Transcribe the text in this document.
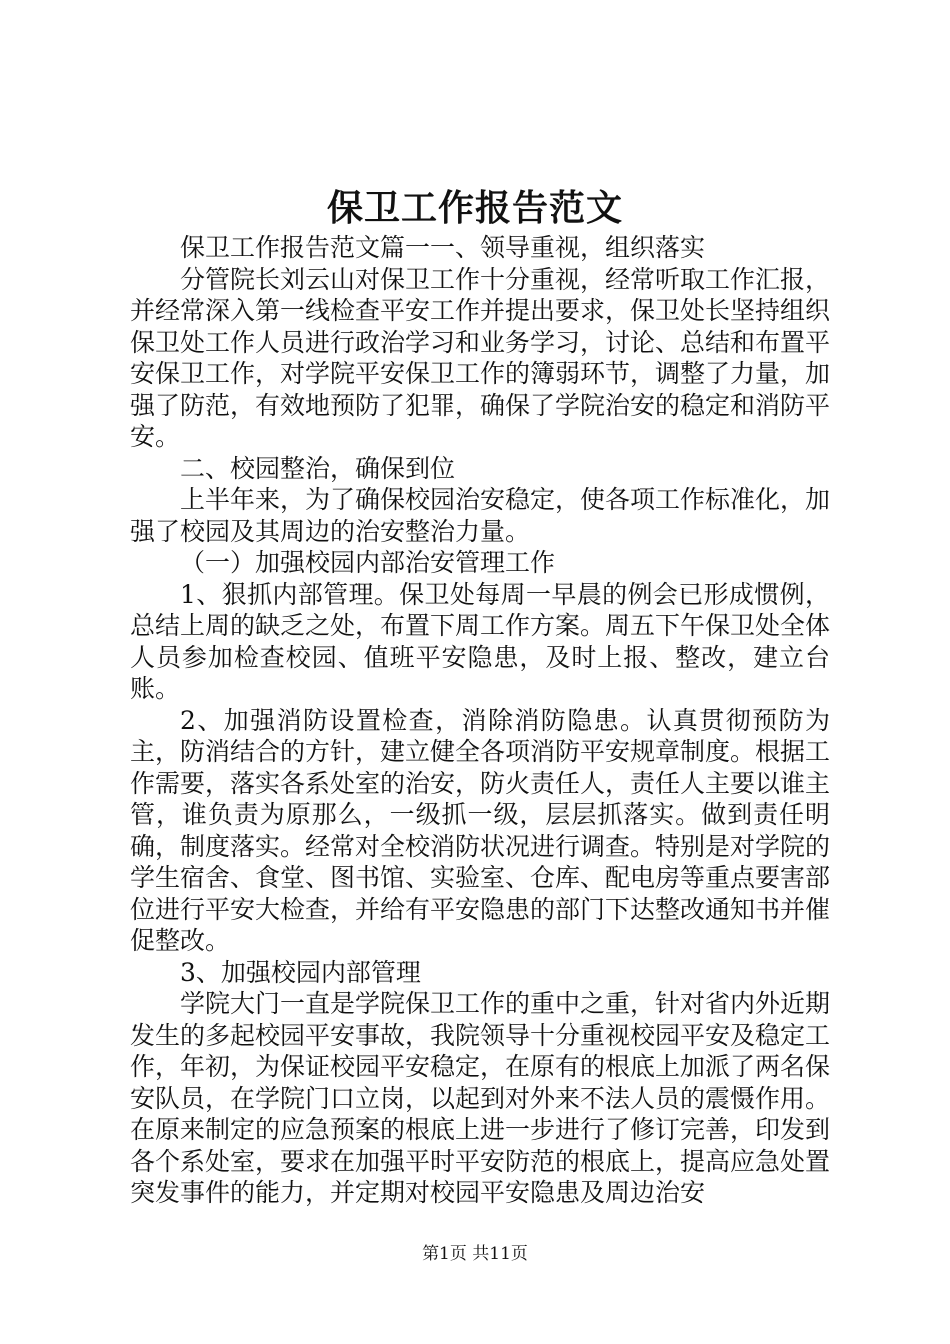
保卫工作报告范文

保卫工作报告范文篇一一、领导重视，组织落实

分管院长刘云山对保卫工作十分重视，经常听取工作汇报，并经常深入第一线检查平安工作并提出要求，保卫处长坚持组织保卫处工作人员进行政治学习和业务学习，讨论、总结和布置平安保卫工作，对学院平安保卫工作的簿弱环节，调整了力量，加强了防范，有效地预防了犯罪，确保了学院治安的稳定和消防平安。

二、校园整治，确保到位

上半年来，为了确保校园治安稳定，使各项工作标准化，加强了校园及其周边的治安整治力量。

（一）加强校园内部治安管理工作

1、狠抓内部管理。保卫处每周一早晨的例会已形成惯例，总结上周的缺乏之处，布置下周工作方案。周五下午保卫处全体人员参加检查校园、值班平安隐患，及时上报、整改，建立台账。

2、加强消防设置检查，消除消防隐患。认真贯彻预防为主，防消结合的方针，建立健全各项消防平安规章制度。根据工作需要，落实各系处室的治安，防火责任人，责任人主要以谁主管，谁负责为原那么，一级抓一级，层层抓落实。做到责任明确，制度落实。经常对全校消防状况进行调查。特别是对学院的学生宿舍、食堂、图书馆、实验室、仓库、配电房等重点要害部位进行平安大检查，并给有平安隐患的部门下达整改通知书并催促整改。

3、加强校园内部管理

学院大门一直是学院保卫工作的重中之重，针对省内外近期发生的多起校园平安事故，我院领导十分重视校园平安及稳定工作，年初，为保证校园平安稳定，在原有的根底上加派了两名保安队员，在学院门口立岗，以起到对外来不法人员的震慑作用。在原来制定的应急预案的根底上进一步进行了修订完善，印发到各个系处室，要求在加强平时平安防范的根底上，提高应急处置突发事件的能力，并定期对校园平安隐患及周边治安

第1页 共11页
